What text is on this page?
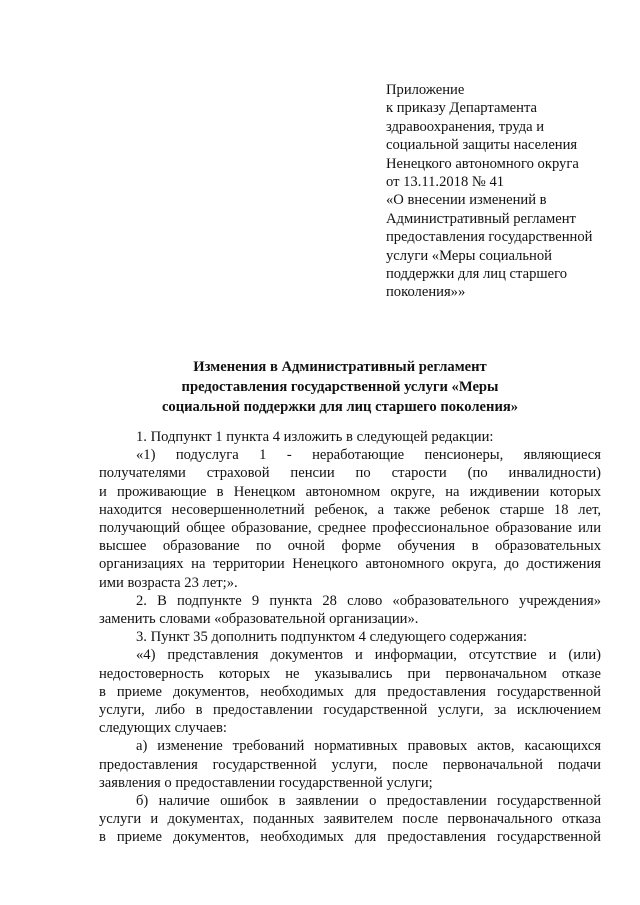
Приложение
к приказу Департамента
здравоохранения, труда и
социальной защиты населения
Ненецкого автономного округа
от 13.11.2018 № 41
«О внесении изменений в
Административный регламент
предоставления государственной
услуги «Меры социальной
поддержки для лиц старшего
поколения»»
Изменения в Административный регламент
предоставления государственной услуги «Меры
социальной поддержки для лиц старшего поколения»
1. Подпункт 1 пункта 4 изложить в следующей редакции:
«1) подуслуга 1 - неработающие пенсионеры, являющиеся
получателями страховой пенсии по старости (по инвалидности)
и проживающие в Ненецком автономном округе, на иждивении которых
находится несовершеннолетний ребенок, а также ребенок старше 18 лет,
получающий общее образование, среднее профессиональное образование или
высшее образование по очной форме обучения в образовательных
организациях на территории Ненецкого автономного округа, до достижения
ими возраста 23 лет;».
2. В подпункте 9 пункта 28 слово «образовательного учреждения»
заменить словами «образовательной организации».
3. Пункт 35 дополнить подпунктом 4 следующего содержания:
«4) представления документов и информации, отсутствие и (или)
недостоверность которых не указывались при первоначальном отказе
в приеме документов, необходимых для предоставления государственной
услуги, либо в предоставлении государственной услуги, за исключением
следующих случаев:
а) изменение требований нормативных правовых актов, касающихся
предоставления государственной услуги, после первоначальной подачи
заявления о предоставлении государственной услуги;
б) наличие ошибок в заявлении о предоставлении государственной
услуги и документах, поданных заявителем после первоначального отказа
в приеме документов, необходимых для предоставления государственной
